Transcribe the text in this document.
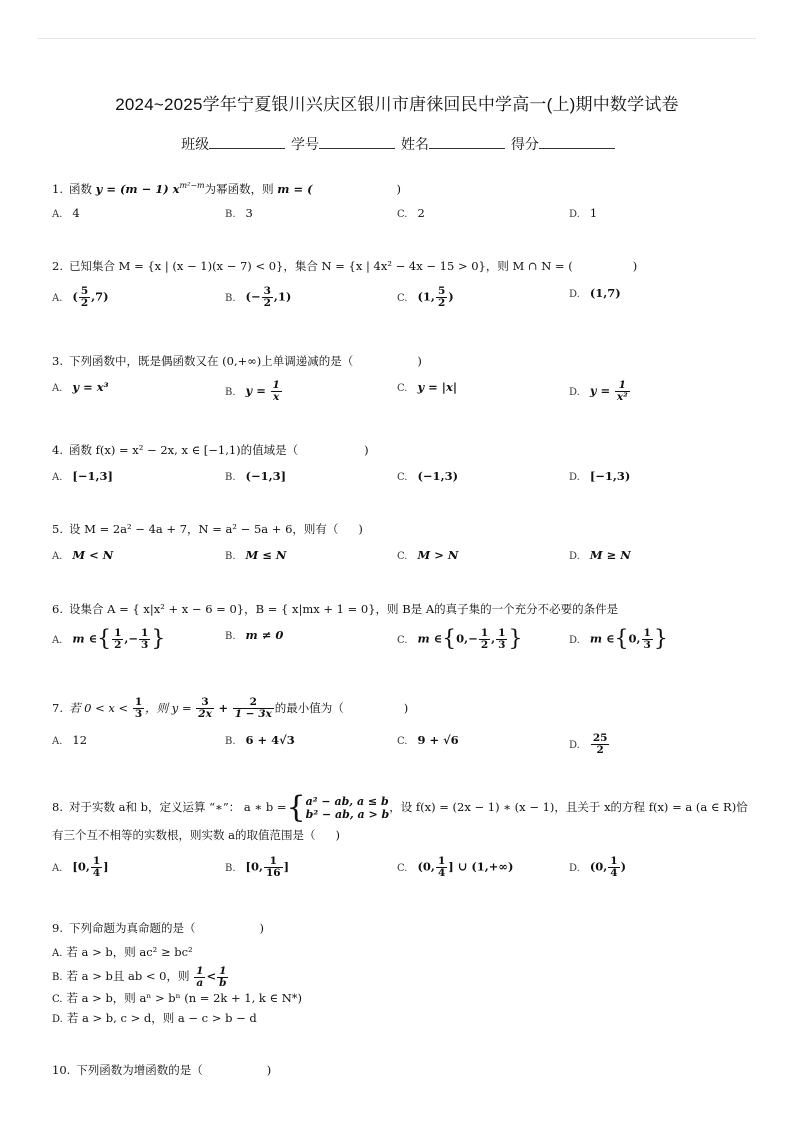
2024~2025学年宁夏银川兴庆区银川市唐徕回民中学高一(上)期中数学试卷
班级	学号	姓名	得分
1. 函数 y = (m − 1) $x^{m^2-m}$为幂函数，则 m = (	)
A. 4	B. 3	C. 2	D. 1
2. 已知集合 M = {x | (x − 1)(x − 7) < 0}，集合 N = {x | 4x² − 4x − 15 > 0}，则 M ∩ N = (	)
A. ( $\frac{5}{2} ,7$)	B. (− $\frac{3}{2} ,1$)	C. (1, $\frac{5}{2}$ )	D. (1,7)
3. 下列函数中，既是偶函数又在 (0,+∞)上单调递减的是（	)
A. y = x³	B. $y = \frac{1}{x}$	C. y = |x|	D. $y = \frac{1}{\text{x²}}$
4. 函数 f(x) = x² − 2x, x ∈ [−1,1)的值域是（	)
A. [−1,3]	B. (−1,3]	C. (−1,3)	D. [−1,3)
5. 设 M = 2a² − 4a + 7，N = a² − 5a + 6，则有（ )
A. M < N	B. M ≤ N	C. M > N	D. M ≥ N
6. 设集合 A = { x|x² + x − 6 = 0}，B = { x|mx + 1 = 0}，则 B是 A的真子集的一个充分不必要的条件是
A. m ∈{ $\frac{1}{2}$ ,− $\frac{1}{3}$ }	B. m ≠ 0	C. m ∈{0,− $\frac{1}{2}$ , $\frac{1}{3}$ }	D. m ∈{0, $\frac{1}{3}$ }
7. 若 $0 < x < \frac{1}{3}$ ，则 $y = \frac{3}{2x} + \frac{2}{1 - 3x}$ 的最小值为（	)
A. 12	B. 6 + 4√3	C. 9 + √6	D. $\frac{25}{2}$
8. 对于实数 a和 b，定义运算 “∗”： a ∗ b ={ a² − ab, a ≤ b
b² − ab, a > b
，设 f(x) = (2x − 1) ∗ (x − 1)，且关于 x的方程 f(x) = a (a ∈ R)恰
有三个互不相等的实数根，则实数 a的取值范围是（ )
A. [0, $\frac{1}{4}$ ]	B. [0, $\frac{1}{16}$ ]	C. (0, $\frac{1}{4}$ ] ∪ (1,+∞)	D. (0, $\frac{1}{4}$ )
9. 下列命题为真命题的是（	)
A. 若 a > b，则 ac² ≥ bc²
B. 若 a > b且 ab < 0，则 $\frac{1}{a} < \frac{1}{b}$
C. 若 a > b，则 aⁿ > bⁿ (n = 2k + 1, k ∈ N*)
D. 若 a > b, c > d，则 a − c > b − d
10. 下列函数为增函数的是（	)
